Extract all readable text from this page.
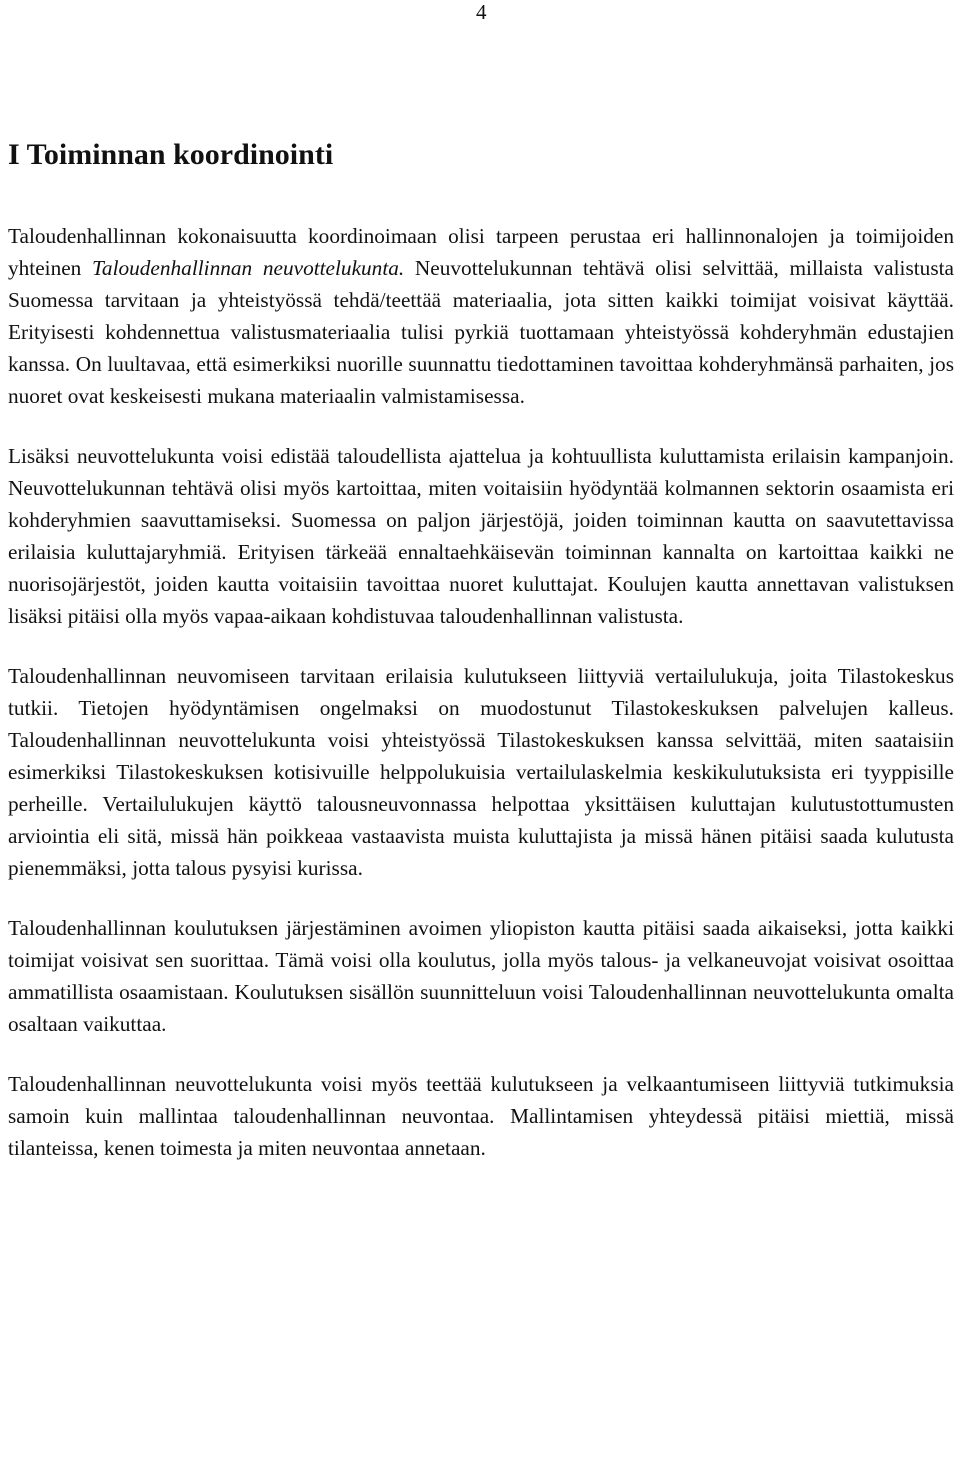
4
I Toiminnan koordinointi

Taloudenhallinnan kokonaisuutta koordinoimaan olisi tarpeen perustaa eri hallinnonalojen ja toimijoiden yhteinen Taloudenhallinnan neuvottelukunta. Neuvottelukunnan tehtävä olisi selvittää, millaista valistusta Suomessa tarvitaan ja yhteistyössä tehdä/teettää materiaalia, jota sitten kaikki toimijat voisivat käyttää. Erityisesti kohdennettua valistusmateriaalia tulisi pyrkiä tuottamaan yhteistyössä kohderyhmän edustajien kanssa. On luultavaa, että esimerkiksi nuorille suunnattu tiedottaminen tavoittaa kohderyhmänsä parhaiten, jos nuoret ovat keskeisesti mukana materiaalin valmistamisessa.

Lisäksi neuvottelukunta voisi edistää taloudellista ajattelua ja kohtuullista kuluttamista erilaisin kampanjoin. Neuvottelukunnan tehtävä olisi myös kartoittaa, miten voitaisiin hyödyntää kolmannen sektorin osaamista eri kohderyhmien saavuttamiseksi. Suomessa on paljon järjestöjä, joiden toiminnan kautta on saavutettavissa erilaisia kuluttajaryhmiä. Erityisen tärkeää ennaltaehkäisevän toiminnan kannalta on kartoittaa kaikki ne nuorisojärjestöt, joiden kautta voitaisiin tavoittaa nuoret kuluttajat. Koulujen kautta annettavan valistuksen lisäksi pitäisi olla myös vapaa-aikaan kohdistuvaa taloudenhallinnan valistusta.

Taloudenhallinnan neuvomiseen tarvitaan erilaisia kulutukseen liittyviä vertailulukuja, joita Tilastokeskus tutkii. Tietojen hyödyntämisen ongelmaksi on muodostunut Tilastokeskuksen palvelujen kalleus. Taloudenhallinnan neuvottelukunta voisi yhteistyössä Tilastokeskuksen kanssa selvittää, miten saataisiin esimerkiksi Tilastokeskuksen kotisivuille helppolukuisia vertailulaskelmia keskikulutuksista eri tyyppisille perheille. Vertailulukujen käyttö talousneuvonnassa helpottaa yksittäisen kuluttajan kulutustottumusten arviointia eli sitä, missä hän poikkeaa vastaavista muista kuluttajista ja missä hänen pitäisi saada kulutusta pienemmäksi, jotta talous pysyisi kurissa.

Taloudenhallinnan koulutuksen järjestäminen avoimen yliopiston kautta pitäisi saada aikaiseksi, jotta kaikki toimijat voisivat sen suorittaa. Tämä voisi olla koulutus, jolla myös talous- ja velkaneuvojat voisivat osoittaa ammatillista osaamistaan. Koulutuksen sisällön suunnitteluun voisi Taloudenhallinnan neuvottelukunta omalta osaltaan vaikuttaa.

Taloudenhallinnan neuvottelukunta voisi myös teettää kulutukseen ja velkaantumiseen liittyviä tutkimuksia samoin kuin mallintaa taloudenhallinnan neuvontaa. Mallintamisen yhteydessä pitäisi miettiä, missä tilanteissa, kenen toimesta ja miten neuvontaa annetaan.
